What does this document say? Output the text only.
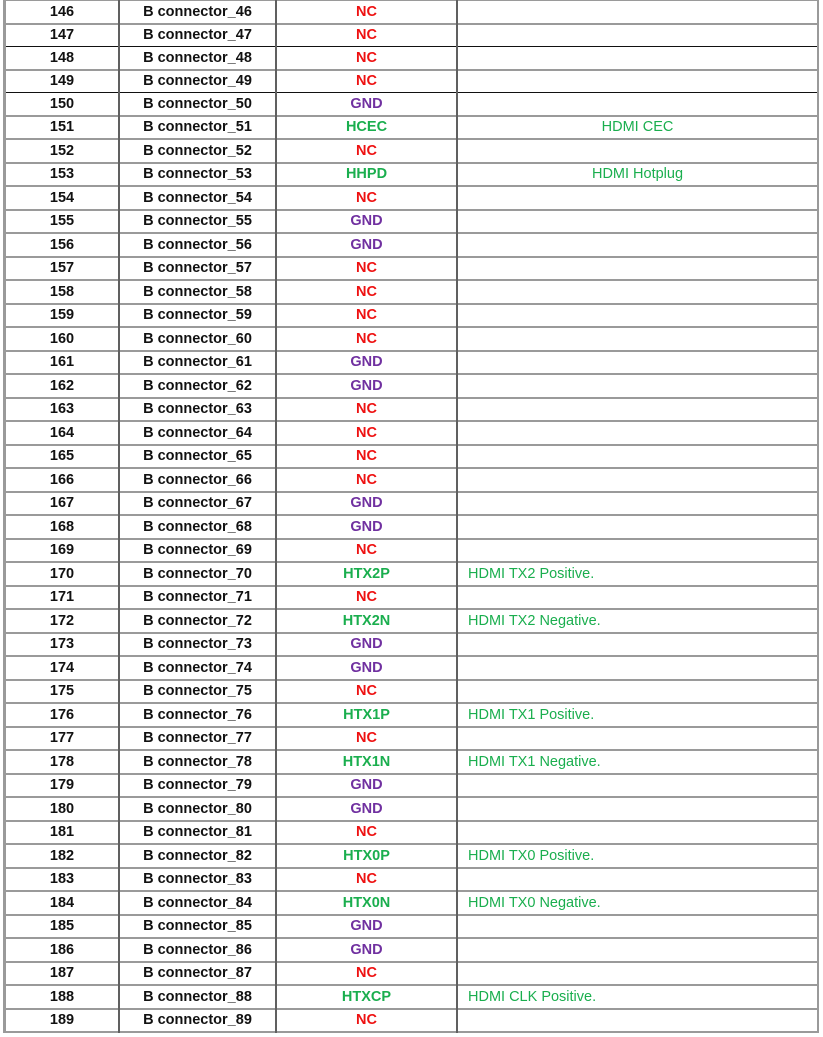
146	B connector_46	NC	
147	B connector_47	NC	
148	B connector_48	NC	
149	B connector_49	NC	
150	B connector_50	GND	
151	B connector_51	HCEC	HDMI CEC
152	B connector_52	NC	
153	B connector_53	HHPD	HDMI Hotplug
154	B connector_54	NC	
155	B connector_55	GND	
156	B connector_56	GND	
157	B connector_57	NC	
158	B connector_58	NC	
159	B connector_59	NC	
160	B connector_60	NC	
161	B connector_61	GND	
162	B connector_62	GND	
163	B connector_63	NC	
164	B connector_64	NC	
165	B connector_65	NC	
166	B connector_66	NC	
167	B connector_67	GND	
168	B connector_68	GND	
169	B connector_69	NC	
170	B connector_70	HTX2P	HDMI TX2 Positive.
171	B connector_71	NC	
172	B connector_72	HTX2N	HDMI TX2 Negative.
173	B connector_73	GND	
174	B connector_74	GND	
175	B connector_75	NC	
176	B connector_76	HTX1P	HDMI TX1 Positive.
177	B connector_77	NC	
178	B connector_78	HTX1N	HDMI TX1 Negative.
179	B connector_79	GND	
180	B connector_80	GND	
181	B connector_81	NC	
182	B connector_82	HTX0P	HDMI TX0 Positive.
183	B connector_83	NC	
184	B connector_84	HTX0N	HDMI TX0 Negative.
185	B connector_85	GND	
186	B connector_86	GND	
187	B connector_87	NC	
188	B connector_88	HTXCP	HDMI CLK Positive.
189	B connector_89	NC	
